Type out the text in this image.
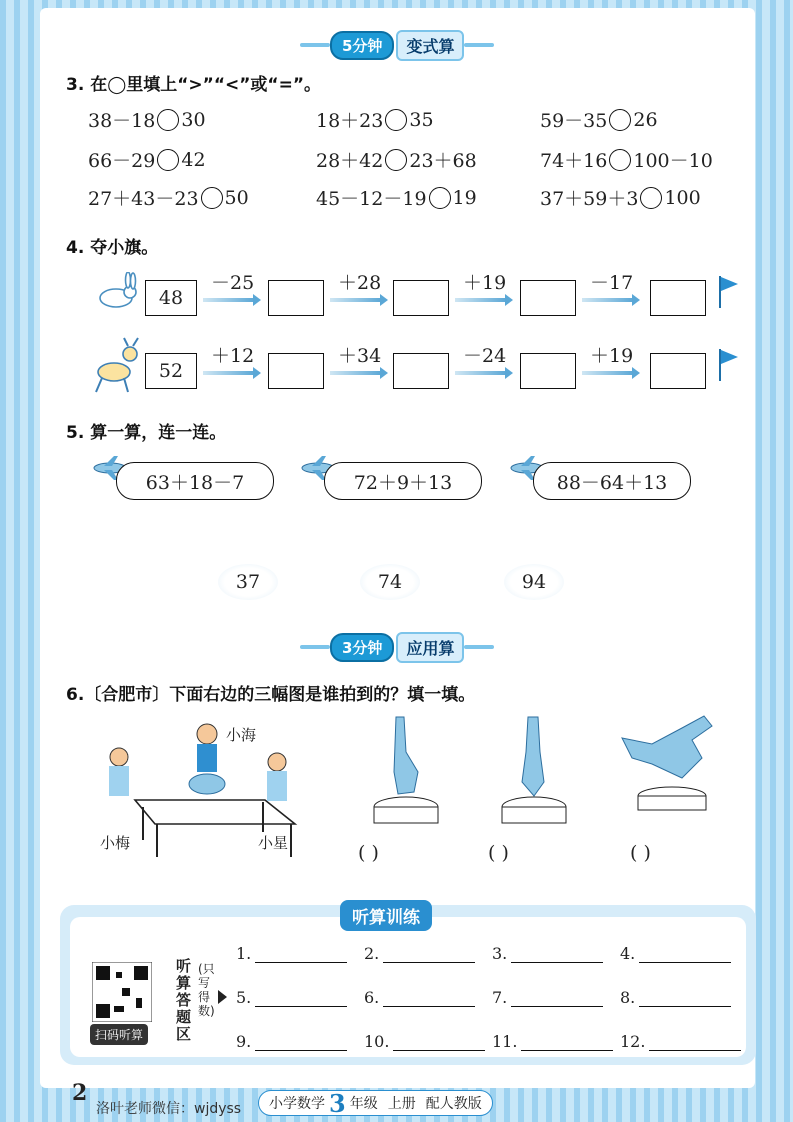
5分钟	变式算
3. 在◯里填上“>”“<”或“=”。
38－18 30	18＋23 35	59－35 26
66－29 42	28＋42 23＋68	74＋16 100－10
27＋43－23 50	45－12－19 19	37＋59＋3 100
4. 夺小旗。
48
－25	＋28	＋19	－17
52
＋12	＋34	－24	＋19
5. 算一算，连一连。
63＋18－7	72＋9＋13	88－64＋13
37	74	94
3分钟	应用算
6.〔合肥市〕下面右边的三幅图是谁拍到的？填一填。
小海
小梅	小星	( )	( )	( )
听算训练
扫码听算
听算答题区
(只写得数)
1.	2.	3.	4.
5.	6.	7.	8.
9.	10.	11.	12.
2
洛叶老师微信：wjdyss 小学数学 3 年级 上册 配人教版
